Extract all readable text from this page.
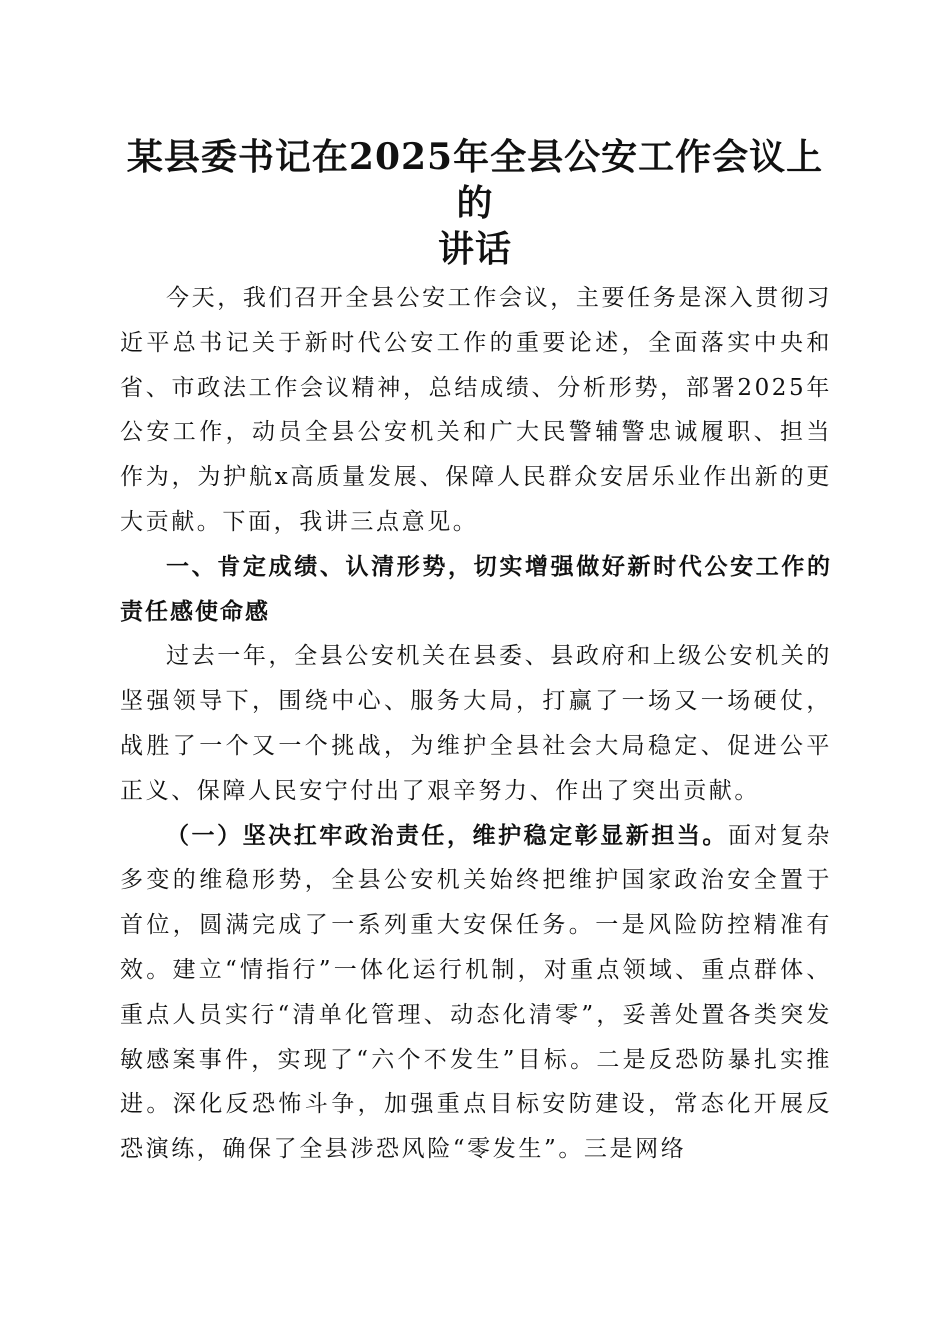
某县委书记在2025年全县公安工作会议上的
讲话

今天，我们召开全县公安工作会议，主要任务是深入贯彻习近平总书记关于新时代公安工作的重要论述，全面落实中央和省、市政法工作会议精神，总结成绩、分析形势，部署2025年公安工作，动员全县公安机关和广大民警辅警忠诚履职、担当作为，为护航x高质量发展、保障人民群众安居乐业作出新的更大贡献。下面，我讲三点意见。

一、肯定成绩、认清形势，切实增强做好新时代公安工作的责任感使命感

过去一年，全县公安机关在县委、县政府和上级公安机关的坚强领导下，围绕中心、服务大局，打赢了一场又一场硬仗，战胜了一个又一个挑战，为维护全县社会大局稳定、促进公平正义、保障人民安宁付出了艰辛努力、作出了突出贡献。

（一）坚决扛牢政治责任，维护稳定彰显新担当。面对复杂多变的维稳形势，全县公安机关始终把维护国家政治安全置于首位，圆满完成了一系列重大安保任务。一是风险防控精准有效。建立“情指行”一体化运行机制，对重点领域、重点群体、重点人员实行“清单化管理、动态化清零”，妥善处置各类突发敏感案事件，实现了“六个不发生”目标。二是反恐防暴扎实推进。深化反恐怖斗争，加强重点目标安防建设，常态化开展反恐演练，确保了全县涉恐风险“零发生”。三是网络
